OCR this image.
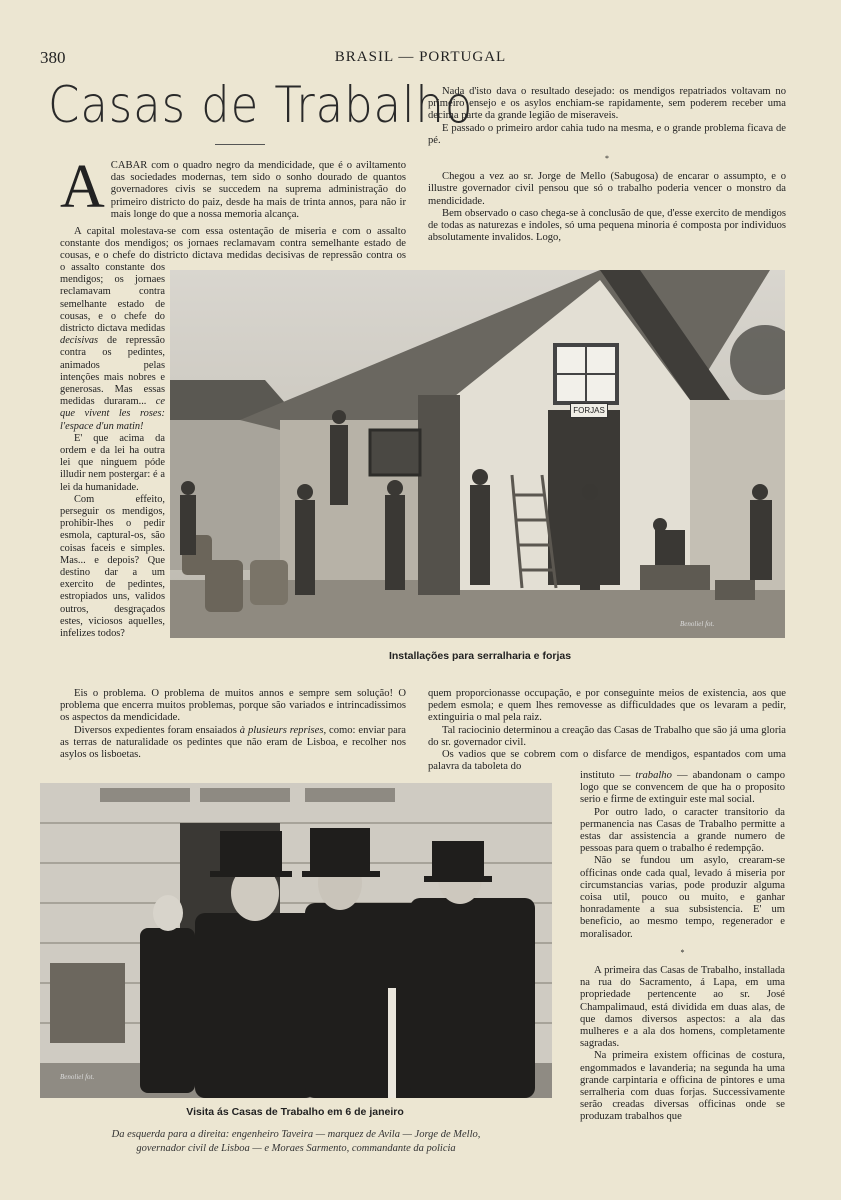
380	BRASIL — PORTUGAL
Casas de Trabalho

Nada d'isto dava o resultado desejado: os mendigos repatriados voltavam no primeiro ensejo e os asylos enchiam-se rapidamente, sem poderem receber uma decima parte da grande legião de miseraveis.

E passado o primeiro ardor cahia tudo na mesma, e o grande problema ficava de pé.

*

Chegou a vez ao sr. Jorge de Mello (Sabugosa) de encarar o assumpto, e o illustre governador civil pensou que só o trabalho poderia vencer o monstro da mendicidade.

Bem observado o caso chega-se à conclusão de que, d'esse exercito de mendigos de todas as naturezas e indoles, só uma pequena minoria é composta por individuos absolutamente invalidos. Logo,

A CABAR com o quadro negro da mendicidade, que é o aviltamento das sociedades modernas, tem sido o sonho dourado de quantos governadores civis se succedem na suprema administração do primeiro districto do paiz, desde ha mais de trinta annos, para não ir mais longe do que a nossa memoria alcança.

A capital molestava-se com essa ostentação de miseria e com o assalto constante dos mendigos; os jornaes reclamavam contra semelhante estado de cousas, e o chefe do districto dictava medidas decisivas de repressão contra os

o assalto constante dos mendigos; os jornaes reclamavam contra semelhante estado de cousas, e o chefe do districto dictava medidas decisivas de repressão contra os pedintes, animados pelas intenções mais nobres e generosas. Mas essas medidas duraram... ce que vivent les roses: l'espace d'un matin!

E' que acima da ordem e da lei ha outra lei que ninguem póde illudir nem postergar: é a lei da humanidade.

Com effeito, perseguir os mendigos, prohibir-lhes o pedir esmola, captural-os, são coisas faceis e simples. Mas... e depois? Que destino dar a um exercito de pedintes, estropiados uns, validos outros, desgraçados estes, viciosos aquelles, infelizes todos?

FORJAS
Benoliel fot.
Installações para serralharia e forjas

Eis o problema. O problema de muitos annos e sempre sem solução! O problema que encerra muitos problemas, porque são variados e intrincadissimos os aspectos da mendicidade.

Diversos expedientes foram ensaiados à plusieurs reprises, como: enviar para as terras de naturalidade os pedintes que não eram de Lisboa, e recolher nos asylos os lisboetas.

quem proporcionasse occupação, e por conseguinte meios de existencia, aos que pedem esmola; e quem lhes removesse as difficuldades que os levaram a pedir, extinguiria o mal pela raiz.

Tal raciocinio determinou a creação das Casas de Trabalho que são já uma gloria do sr. governador civil.

Os vadios que se cobrem com o disfarce de mendigos, espantados com uma palavra da taboleta do

Benoliel fot.
Visita ás Casas de Trabalho em 6 de janeiro
Da esquerda para a direita: engenheiro Taveira — marquez de Avila — Jorge de Mello,
governador civil de Lisboa — e Moraes Sarmento, commandante da policia

instituto — trabalho — abandonam o campo logo que se convencem de que ha o proposito serio e firme de extinguir este mal social.

Por outro lado, o caracter transitorio da permanencia nas Casas de Trabalho permitte a estas dar assistencia a grande numero de pessoas para quem o trabalho é redempção.

Não se fundou um asylo, crearam-se officinas onde cada qual, levado á miseria por circumstancias varias, pode produzir alguma coisa util, pouco ou muito, e ganhar honradamente a sua subsistencia. E' um beneficio, ao mesmo tempo, regenerador e moralisador.

*

A primeira das Casas de Trabalho, installada na rua do Sacramento, á Lapa, em uma propriedade pertencente ao sr. José Champalimaud, está dividida em duas alas, de que damos diversos aspectos: a ala das mulheres e a ala dos homens, completamente sagradas.

Na primeira existem officinas de costura, engommados e lavanderia; na segunda ha uma grande carpintaria e officina de pintores e uma serralheria com duas forjas. Successivamente serão creadas diversas officinas onde se produzam trabalhos que
